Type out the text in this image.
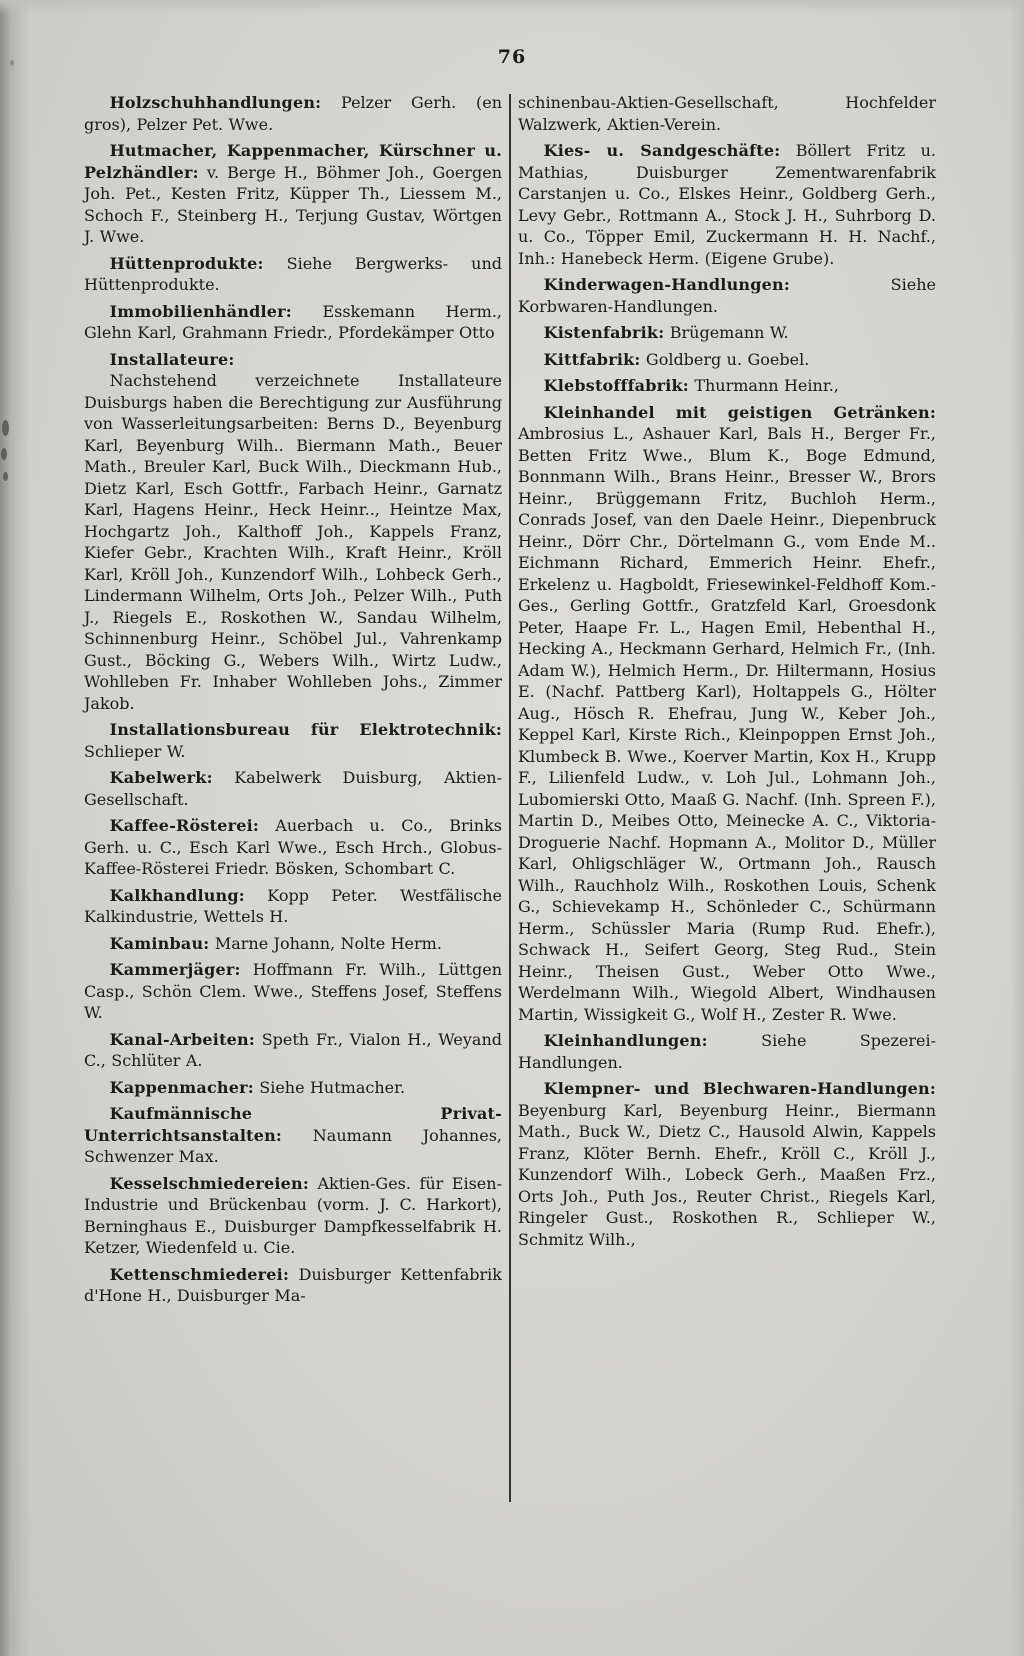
76

Holzschuhhandlungen: Pelzer Gerh. (en gros), Pelzer Pet. Wwe.

Hutmacher, Kappenmacher, Kürschner u. Pelzhändler: v. Berge H., Böhmer Joh., Goergen Joh. Pet., Kesten Fritz, Küpper Th., Liessem M., Schoch F., Steinberg H., Terjung Gustav, Wörtgen J. Wwe.

Hüttenprodukte: Siehe Bergwerks- und Hüttenprodukte.

Immobilienhändler: Esskemann Herm., Glehn Karl, Grahmann Friedr., Pfordekämper Otto

Installateure:
Nachstehend verzeichnete Installateure Duisburgs haben die Berechtigung zur Ausführung von Wasserleitungsarbeiten: Berns D., Beyenburg Karl, Beyenburg Wilh.. Biermann Math., Beuer Math., Breuler Karl, Buck Wilh., Dieckmann Hub., Dietz Karl, Esch Gottfr., Farbach Heinr., Garnatz Karl, Hagens Heinr., Heck Heinr.., Heintze Max, Hochgartz Joh., Kalthoff Joh., Kappels Franz, Kiefer Gebr., Krachten Wilh., Kraft Heinr., Kröll Karl, Kröll Joh., Kunzendorf Wilh., Lohbeck Gerh., Lindermann Wilhelm, Orts Joh., Pelzer Wilh., Puth J., Riegels E., Roskothen W., Sandau Wilhelm, Schinnenburg Heinr., Schöbel Jul., Vahrenkamp Gust., Böcking G., Webers Wilh., Wirtz Ludw., Wohlleben Fr. Inhaber Wohlleben Johs., Zimmer Jakob.

Installationsbureau für Elektrotechnik: Schlieper W.

Kabelwerk: Kabelwerk Duisburg, Aktien-Gesellschaft.

Kaffee-Rösterei: Auerbach u. Co., Brinks Gerh. u. C., Esch Karl Wwe., Esch Hrch., Globus-Kaffee-Rösterei Friedr. Bösken, Schombart C.

Kalkhandlung: Kopp Peter. Westfälische Kalkindustrie, Wettels H.

Kaminbau: Marne Johann, Nolte Herm.

Kammerjäger: Hoffmann Fr. Wilh., Lüttgen Casp., Schön Clem. Wwe., Steffens Josef, Steffens W.

Kanal-Arbeiten: Speth Fr., Vialon H., Weyand C., Schlüter A.

Kappenmacher: Siehe Hutmacher.

Kaufmännische Privat-Unterrichtsanstalten: Naumann Johannes, Schwenzer Max.

Kesselschmiedereien: Aktien-Ges. für Eisen-Industrie und Brückenbau (vorm. J. C. Harkort), Berninghaus E., Duisburger Dampfkesselfabrik H. Ketzer, Wiedenfeld u. Cie.

Kettenschmiederei: Duisburger Kettenfabrik d'Hone H., Duisburger Ma-

schinenbau-Aktien-Gesellschaft, Hochfelder Walzwerk, Aktien-Verein.

Kies- u. Sandgeschäfte: Böllert Fritz u. Mathias, Duisburger Zementwarenfabrik Carstanjen u. Co., Elskes Heinr., Goldberg Gerh., Levy Gebr., Rottmann A., Stock J. H., Suhrborg D. u. Co., Töpper Emil, Zuckermann H. H. Nachf., Inh.: Hanebeck Herm. (Eigene Grube).

Kinderwagen-Handlungen:	Siehe Korbwaren-Handlungen.

Kistenfabrik: Brügemann W.

Kittfabrik: Goldberg u. Goebel.

Klebstofffabrik: Thurmann Heinr.,

Kleinhandel mit geistigen Getränken: Ambrosius L., Ashauer Karl, Bals H., Berger Fr., Betten Fritz Wwe., Blum K., Boge Edmund, Bonnmann Wilh., Brans Heinr., Bresser W., Brors Heinr., Brüggemann Fritz, Buchloh Herm., Conrads Josef, van den Daele Heinr., Diepenbruck Heinr., Dörr Chr., Dörtelmann G., vom Ende M.. Eichmann Richard, Emmerich Heinr. Ehefr., Erkelenz u. Hagboldt, Friesewinkel-Feldhoff Kom.-Ges., Gerling Gottfr., Gratzfeld Karl, Groesdonk Peter, Haape Fr. L., Hagen Emil, Hebenthal H., Hecking A., Heckmann Gerhard, Helmich Fr., (Inh. Adam W.), Helmich Herm., Dr. Hiltermann, Hosius E. (Nachf. Pattberg Karl), Holtappels G., Hölter Aug., Hösch R. Ehefrau, Jung W., Keber Joh., Keppel Karl, Kirste Rich., Kleinpoppen Ernst Joh., Klumbeck B. Wwe., Koerver Martin, Kox H., Krupp F., Lilienfeld Ludw., v. Loh Jul., Lohmann Joh., Lubomierski Otto, Maaß G. Nachf. (Inh. Spreen F.), Martin D., Meibes Otto, Meinecke A. C., Viktoria-Droguerie Nachf. Hopmann A., Molitor D., Müller Karl, Ohligschläger W., Ortmann Joh., Rausch Wilh., Rauchholz Wilh., Roskothen Louis, Schenk G., Schievekamp H., Schönleder C., Schürmann Herm., Schüssler Maria (Rump Rud. Ehefr.), Schwack H., Seifert Georg, Steg Rud., Stein Heinr., Theisen Gust., Weber Otto Wwe., Werdelmann Wilh., Wiegold Albert, Windhausen Martin, Wissigkeit G., Wolf H., Zester R. Wwe.

Kleinhandlungen:	Siehe Spezerei-Handlungen.

Klempner- und Blechwaren-Handlungen: Beyenburg Karl, Beyenburg Heinr., Biermann Math., Buck W., Dietz C., Hausold Alwin, Kappels Franz, Klöter Bernh. Ehefr., Kröll C., Kröll J., Kunzendorf Wilh., Lobeck Gerh., Maaßen Frz., Orts Joh., Puth Jos., Reuter Christ., Riegels Karl, Ringeler Gust., Roskothen R., Schlieper W., Schmitz Wilh.,
